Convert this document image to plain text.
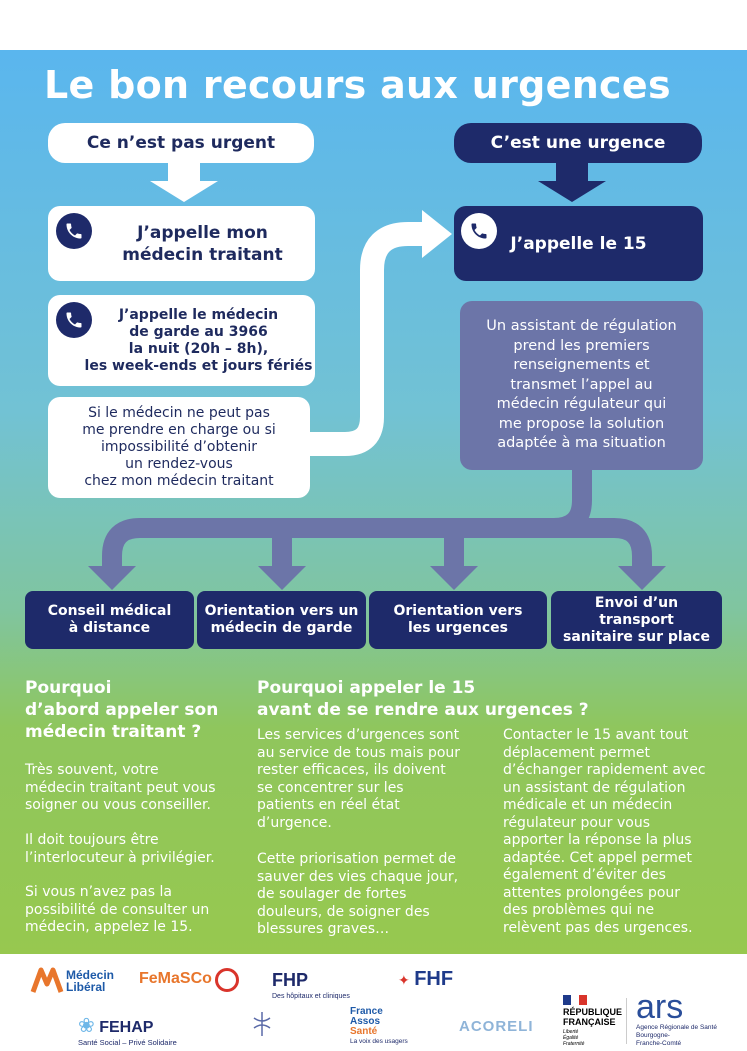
Le bon recours aux urgences
Ce n’est pas urgent	C’est une urgence
J’appelle mon
médecin traitant
J’appelle le médecin
de garde au 3966
la nuit (20h – 8h),
les week-ends et jours fériés
Si le médecin ne peut pas
me prendre en charge ou si
impossibilité d’obtenir
un rendez-vous
chez mon médecin traitant
J’appelle le 15
Un assistant de régulation
prend les premiers
renseignements et
transmet l’appel au
médecin régulateur qui
me propose la solution
adaptée à ma situation
Conseil médical
à distance
Orientation vers un
médecin de garde
Orientation vers
les urgences
Envoi d’un transport
sanitaire sur place
Pourquoi
d’abord appeler son
médecin traitant ?
Très souvent, votre
médecin traitant peut vous
soigner ou vous conseiller.
Il doit toujours être
l’interlocuteur à privilégier.
Si vous n’avez pas la
possibilité de consulter un
médecin, appelez le 15.
Pourquoi appeler le 15
avant de se rendre aux urgences ?
Les services d’urgences sont
au service de tous mais pour
rester efficaces, ils doivent
se concentrer sur les
patients en réel état
d’urgence.
Cette priorisation permet de
sauver des vies chaque jour,
de soulager de fortes
douleurs, de soigner des
blessures graves…
Contacter le 15 avant tout
déplacement permet
d’échanger rapidement avec
un assistant de régulation
médicale et un médecin
régulateur pour vous
apporter la réponse la plus
adaptée. Cet appel permet
également d’éviter des
attentes prolongées pour
des problèmes qui ne
relèvent pas des urgences.
Médecin
Libéral	FeMaSCo	FHP
Des hôpitaux et cliniques
✦ FHF
❀ FEHAP
Santé Social – Privé Solidaire
France
Assos
Santé
La voix des usagers
ACORELI
RÉPUBLIQUE
FRANÇAISE
Liberté
Égalité
Fraternité
ars
Agence Régionale de Santé
Bourgogne-
Franche-Comté
